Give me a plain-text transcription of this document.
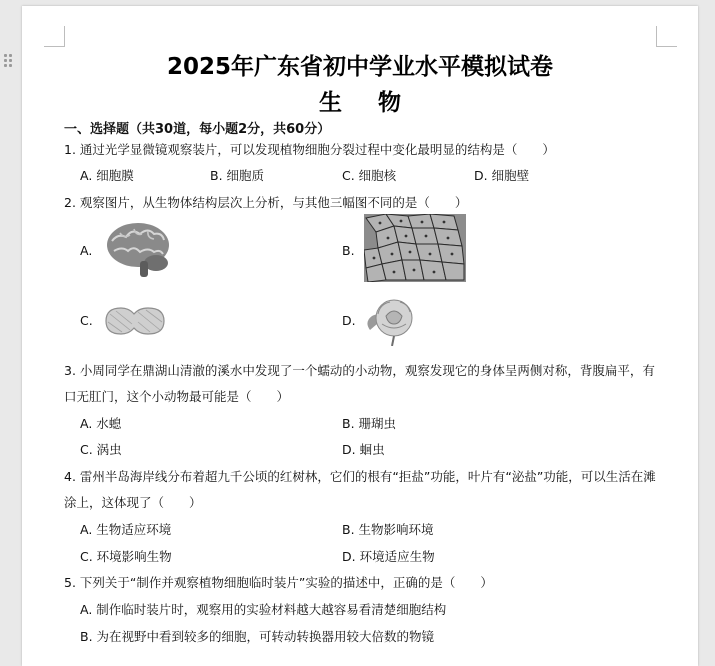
2025年广东省初中学业水平模拟试卷
生 物
一、选择题（共30道，每小题2分，共60分）
1. 通过光学显微镜观察装片，可以发现植物细胞分裂过程中变化最明显的结构是（　　）
A. 细胞膜	B. 细胞质	C. 细胞核	D. 细胞壁
2. 观察图片，从生物体结构层次上分析，与其他三幅图不同的是（　　）
A.	B.
C.	D.
3. 小周同学在鼎湖山清澈的溪水中发现了一个蠕动的小动物，观察发现它的身体呈两侧对称，背腹扁平，有
口无肛门，这个小动物最可能是（　　）
A. 水螅	B. 珊瑚虫
C. 涡虫	D. 蛔虫
4. 雷州半岛海岸线分布着超九千公顷的红树林，它们的根有“拒盐”功能，叶片有“泌盐”功能，可以生活在滩
涂上，这体现了（　　）
A. 生物适应环境	B. 生物影响环境
C. 环境影响生物	D. 环境适应生物
5. 下列关于“制作并观察植物细胞临时装片”实验的描述中，正确的是（　　）
A. 制作临时装片时，观察用的实验材料越大越容易看清楚细胞结构
B. 为在视野中看到较多的细胞，可转动转换器用较大倍数的物镜
